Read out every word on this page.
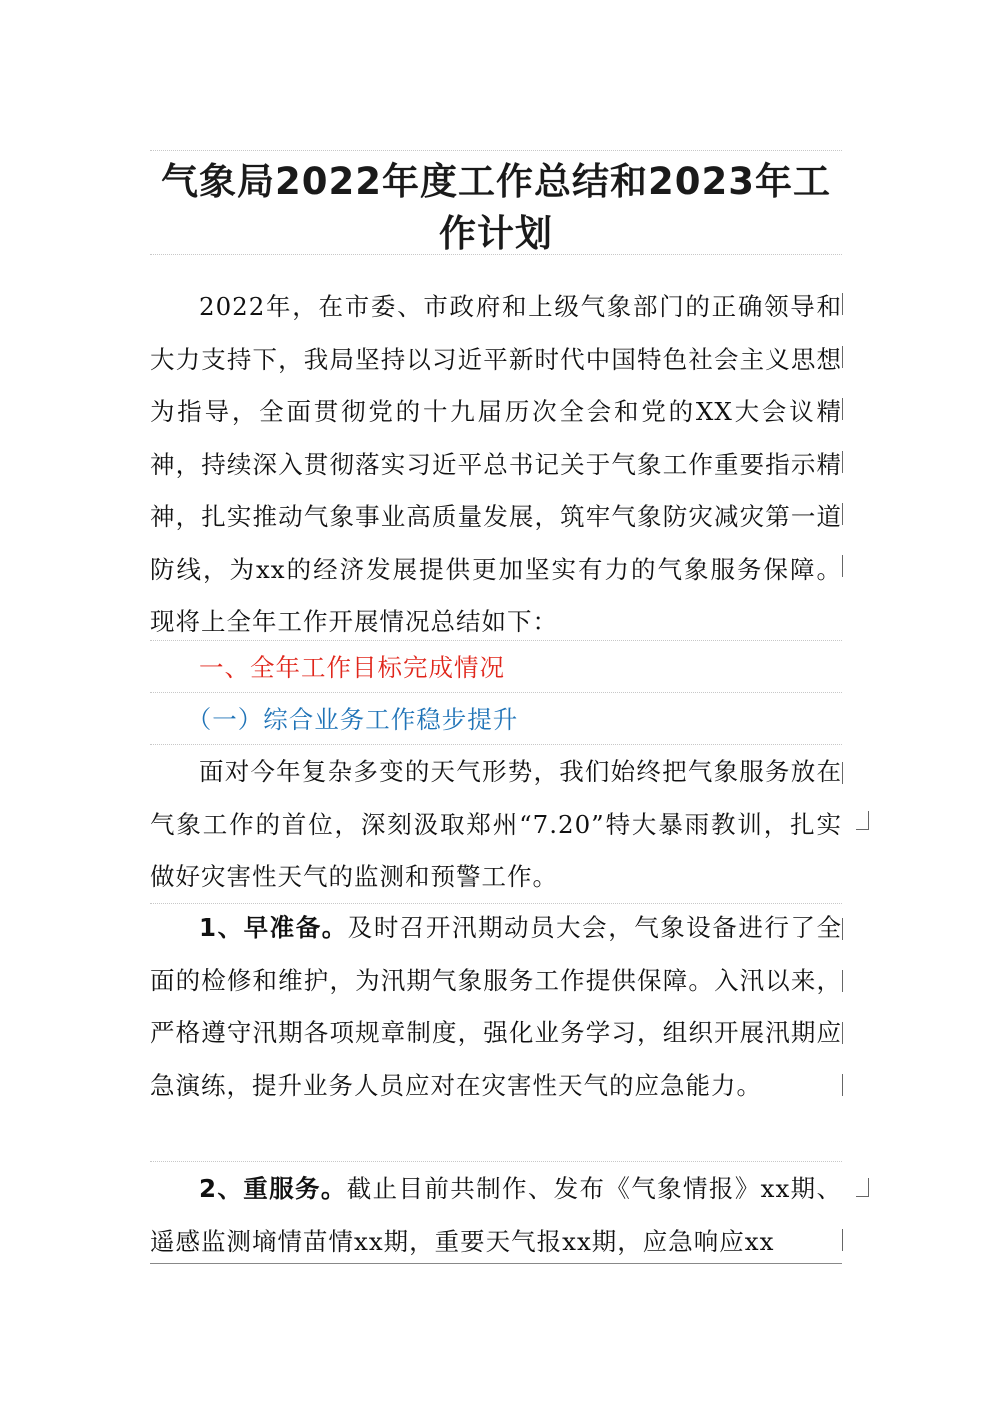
气象局2022年度工作总结和2023年工作计划

2022年，在市委、市政府和上级气象部门的正确领导和大力支持下，我局坚持以习近平新时代中国特色社会主义思想为指导，全面贯彻党的十九届历次全会和党的XX大会议精神，持续深入贯彻落实习近平总书记关于气象工作重要指示精神，扎实推动气象事业高质量发展，筑牢气象防灾减灾第一道防线，为xx的经济发展提供更加坚实有力的气象服务保障。现将上全年工作开展情况总结如下：

一、全年工作目标完成情况
（一）综合业务工作稳步提升

面对今年复杂多变的天气形势，我们始终把气象服务放在气象工作的首位，深刻汲取郑州“7.20”特大暴雨教训，扎实做好灾害性天气的监测和预警工作。

1、早准备。及时召开汛期动员大会，气象设备进行了全面的检修和维护，为汛期气象服务工作提供保障。入汛以来，严格遵守汛期各项规章制度，强化业务学习，组织开展汛期应急演练，提升业务人员应对在灾害性天气的应急能力。

2、重服务。截止目前共制作、发布《气象情报》xx期、遥感监测墒情苗情xx期，重要天气报xx期，应急响应xx
